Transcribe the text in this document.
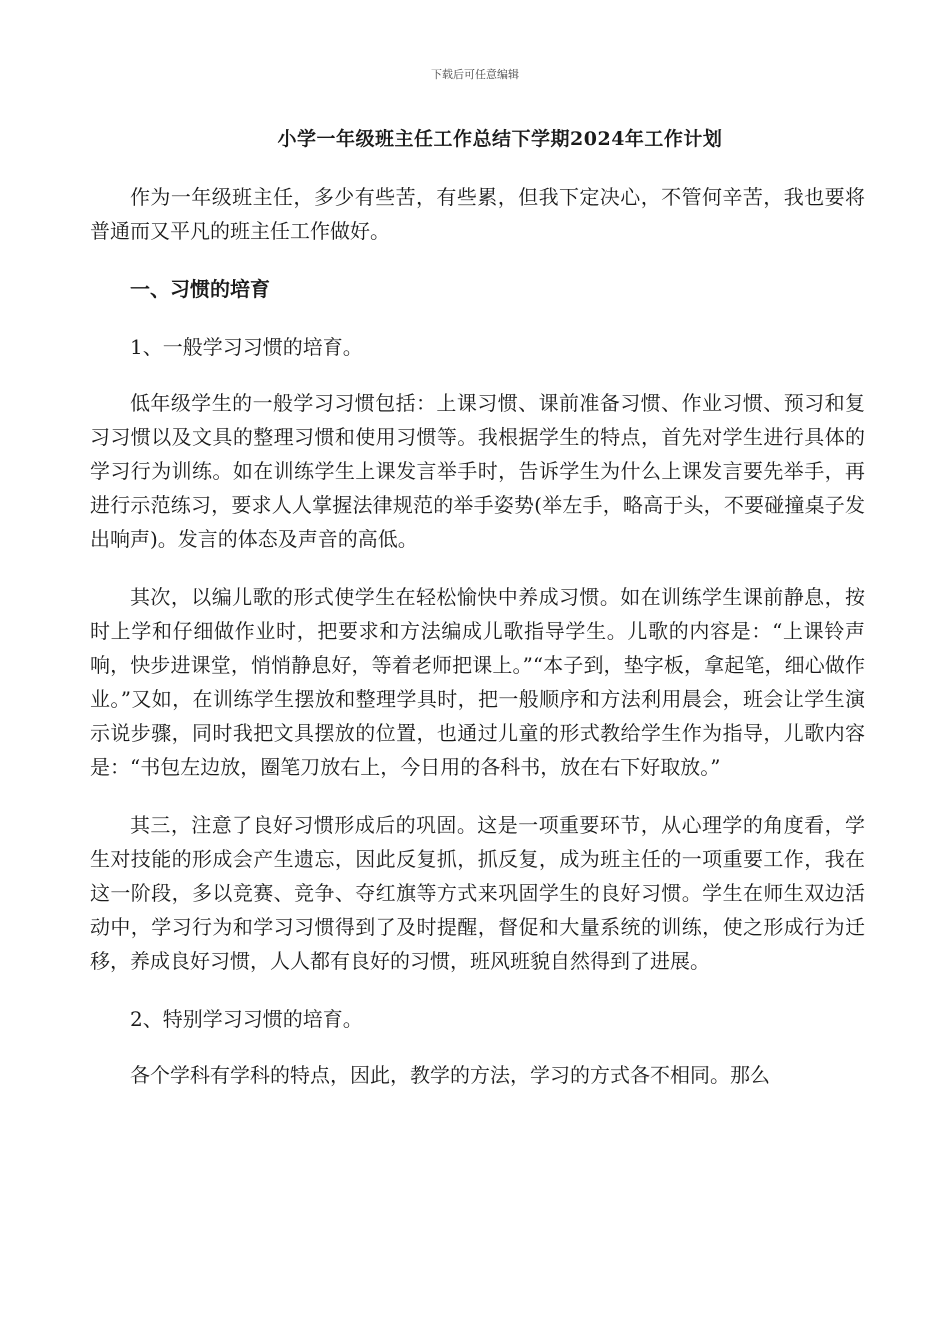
下载后可任意编辑
小学一年级班主任工作总结下学期2024年工作计划

作为一年级班主任，多少有些苦，有些累，但我下定决心，不管何辛苦，我也要将普通而又平凡的班主任工作做好。

一、习惯的培育

1、一般学习习惯的培育。

低年级学生的一般学习习惯包括：上课习惯、课前准备习惯、作业习惯、预习和复习习惯以及文具的整理习惯和使用习惯等。我根据学生的特点，首先对学生进行具体的学习行为训练。如在训练学生上课发言举手时，告诉学生为什么上课发言要先举手，再进行示范练习，要求人人掌握法律规范的举手姿势(举左手，略高于头，不要碰撞桌子发出响声)。发言的体态及声音的高低。

其次，以编儿歌的形式使学生在轻松愉快中养成习惯。如在训练学生课前静息，按时上学和仔细做作业时，把要求和方法编成儿歌指导学生。儿歌的内容是：“上课铃声响，快步进课堂，悄悄静息好，等着老师把课上。”“本子到，垫字板，拿起笔，细心做作业。”又如，在训练学生摆放和整理学具时，把一般顺序和方法利用晨会，班会让学生演示说步骤，同时我把文具摆放的位置，也通过儿童的形式教给学生作为指导，儿歌内容是：“书包左边放，圈笔刀放右上，今日用的各科书，放在右下好取放。”

其三，注意了良好习惯形成后的巩固。这是一项重要环节，从心理学的角度看，学生对技能的形成会产生遗忘，因此反复抓，抓反复，成为班主任的一项重要工作，我在这一阶段，多以竞赛、竞争、夺红旗等方式来巩固学生的良好习惯。学生在师生双边活动中，学习行为和学习习惯得到了及时提醒，督促和大量系统的训练，使之形成行为迁移，养成良好习惯，人人都有良好的习惯，班风班貌自然得到了进展。

2、特别学习习惯的培育。

各个学科有学科的特点，因此，教学的方法，学习的方式各不相同。那么
